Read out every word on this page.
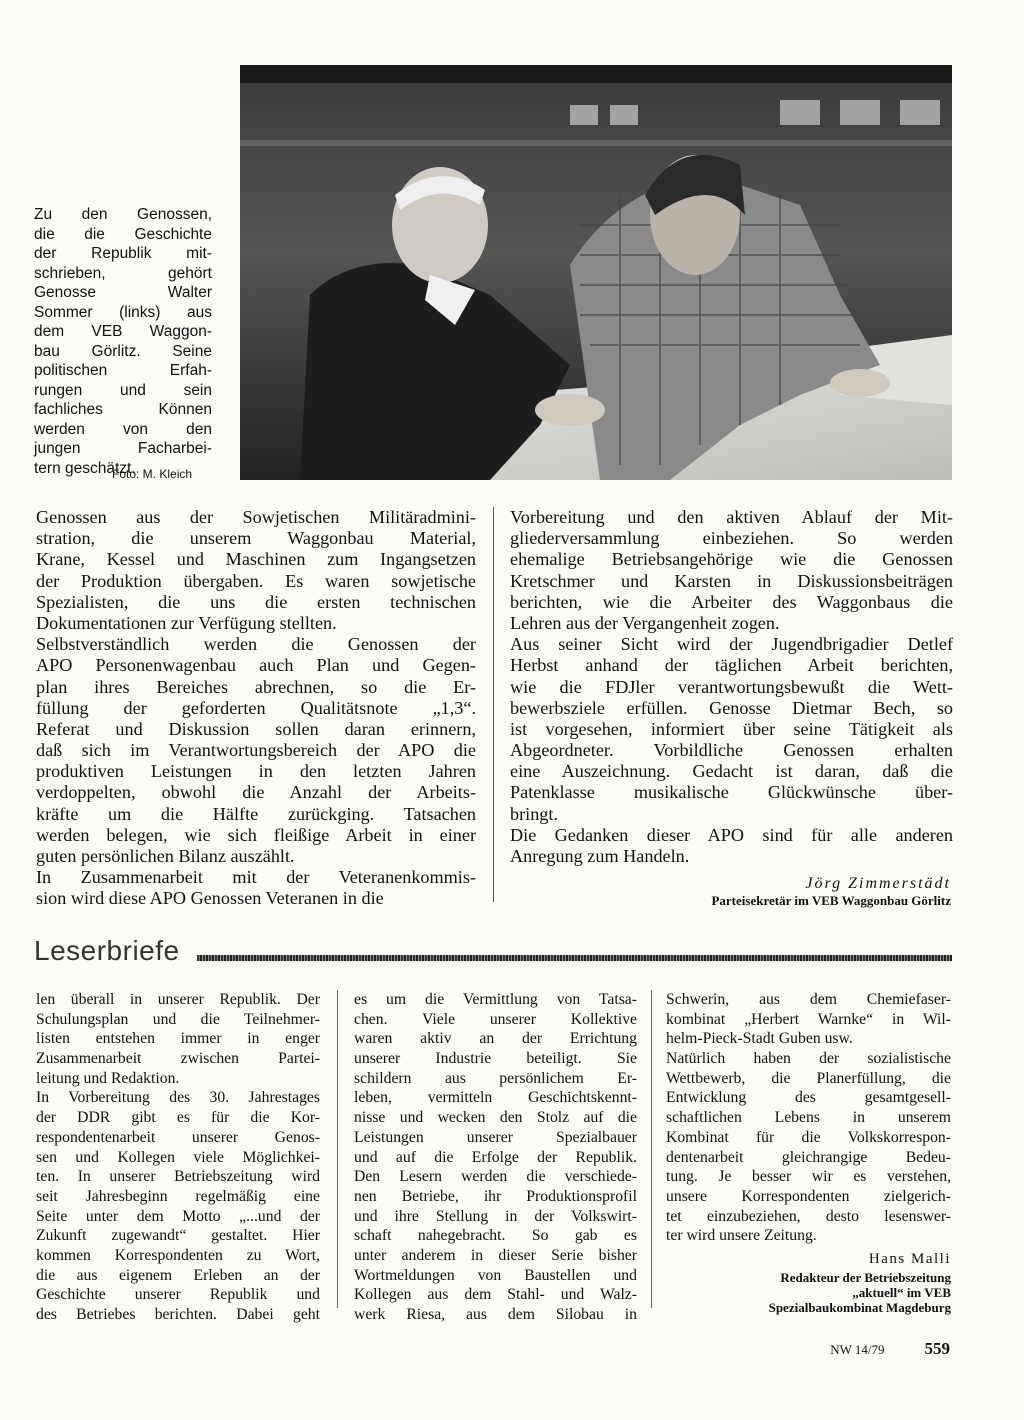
Zu den Genossen,
die die Geschichte
der Republik mit-
schrieben, gehört
Genosse Walter
Sommer (links) aus
dem VEB Waggon-
bau Görlitz. Seine
politischen Erfah-
rungen und sein
fachliches Können
werden von den
jungen Facharbei-
tern geschätzt.
Foto: M. Kleich
Genossen aus der Sowjetischen Militäradmini-
stration, die unserem Waggonbau Material,
Krane, Kessel und Maschinen zum Ingangsetzen
der Produktion übergaben. Es waren sowjetische
Spezialisten, die uns die ersten technischen
Dokumentationen zur Verfügung stellten.
Selbstverständlich werden die Genossen der
APO Personenwagenbau auch Plan und Gegen-
plan ihres Bereiches abrechnen, so die Er-
füllung der geforderten Qualitätsnote „1,3“.
Referat und Diskussion sollen daran erinnern,
daß sich im Verantwortungsbereich der APO die
produktiven Leistungen in den letzten Jahren
verdoppelten, obwohl die Anzahl der Arbeits-
kräfte um die Hälfte zurückging. Tatsachen
werden belegen, wie sich fleißige Arbeit in einer
guten persönlichen Bilanz auszählt.
In Zusammenarbeit mit der Veteranenkommis-
sion wird diese APO Genossen Veteranen in die
Vorbereitung und den aktiven Ablauf der Mit-
gliederversammlung einbeziehen. So werden
ehemalige Betriebsangehörige wie die Genossen
Kretschmer und Karsten in Diskussionsbeiträgen
berichten, wie die Arbeiter des Waggonbaus die
Lehren aus der Vergangenheit zogen.
Aus seiner Sicht wird der Jugendbrigadier Detlef
Herbst anhand der täglichen Arbeit berichten,
wie die FDJler verantwortungsbewußt die Wett-
bewerbsziele erfüllen. Genosse Dietmar Bech, so
ist vorgesehen, informiert über seine Tätigkeit als
Abgeordneter. Vorbildliche Genossen erhalten
eine Auszeichnung. Gedacht ist daran, daß die
Patenklasse musikalische Glückwünsche über-
bringt.
Die Gedanken dieser APO sind für alle anderen
Anregung zum Handeln.
Jörg Zimmerstädt
Parteisekretär im VEB Waggonbau Görlitz
Leserbriefe
len überall in unserer Republik. Der
Schulungsplan und die Teilnehmer-
listen entstehen immer in enger
Zusammenarbeit zwischen Partei-
leitung und Redaktion.
In Vorbereitung des 30. Jahrestages
der DDR gibt es für die Kor-
respondentenarbeit unserer Genos-
sen und Kollegen viele Möglichkei-
ten. In unserer Betriebszeitung wird
seit Jahresbeginn regelmäßig eine
Seite unter dem Motto „...und der
Zukunft zugewandt“ gestaltet. Hier
kommen Korrespondenten zu Wort,
die aus eigenem Erleben an der
Geschichte unserer Republik und
des Betriebes berichten. Dabei geht
es um die Vermittlung von Tatsa-
chen. Viele unserer Kollektive
waren aktiv an der Errichtung
unserer Industrie beteiligt. Sie
schildern aus persönlichem Er-
leben, vermitteln Geschichtskennt-
nisse und wecken den Stolz auf die
Leistungen unserer Spezialbauer
und auf die Erfolge der Republik.
Den Lesern werden die verschiede-
nen Betriebe, ihr Produktionsprofil
und ihre Stellung in der Volkswirt-
schaft nahegebracht. So gab es
unter anderem in dieser Serie bisher
Wortmeldungen von Baustellen und
Kollegen aus dem Stahl- und Walz-
werk Riesa, aus dem Silobau in
Schwerin, aus dem Chemiefaser-
kombinat „Herbert Warnke“ in Wil-
helm-Pieck-Stadt Guben usw.
Natürlich haben der sozialistische
Wettbewerb, die Planerfüllung, die
Entwicklung des gesamtgesell-
schaftlichen Lebens in unserem
Kombinat für die Volkskorrespon-
dentenarbeit gleichrangige Bedeu-
tung. Je besser wir es verstehen,
unsere Korrespondenten zielgerich-
tet einzubeziehen, desto lesenswer-
ter wird unsere Zeitung.
Hans Malli
Redakteur der Betriebszeitung
„aktuell“ im VEB
Spezialbaukombinat Magdeburg
NW 14/79 559
